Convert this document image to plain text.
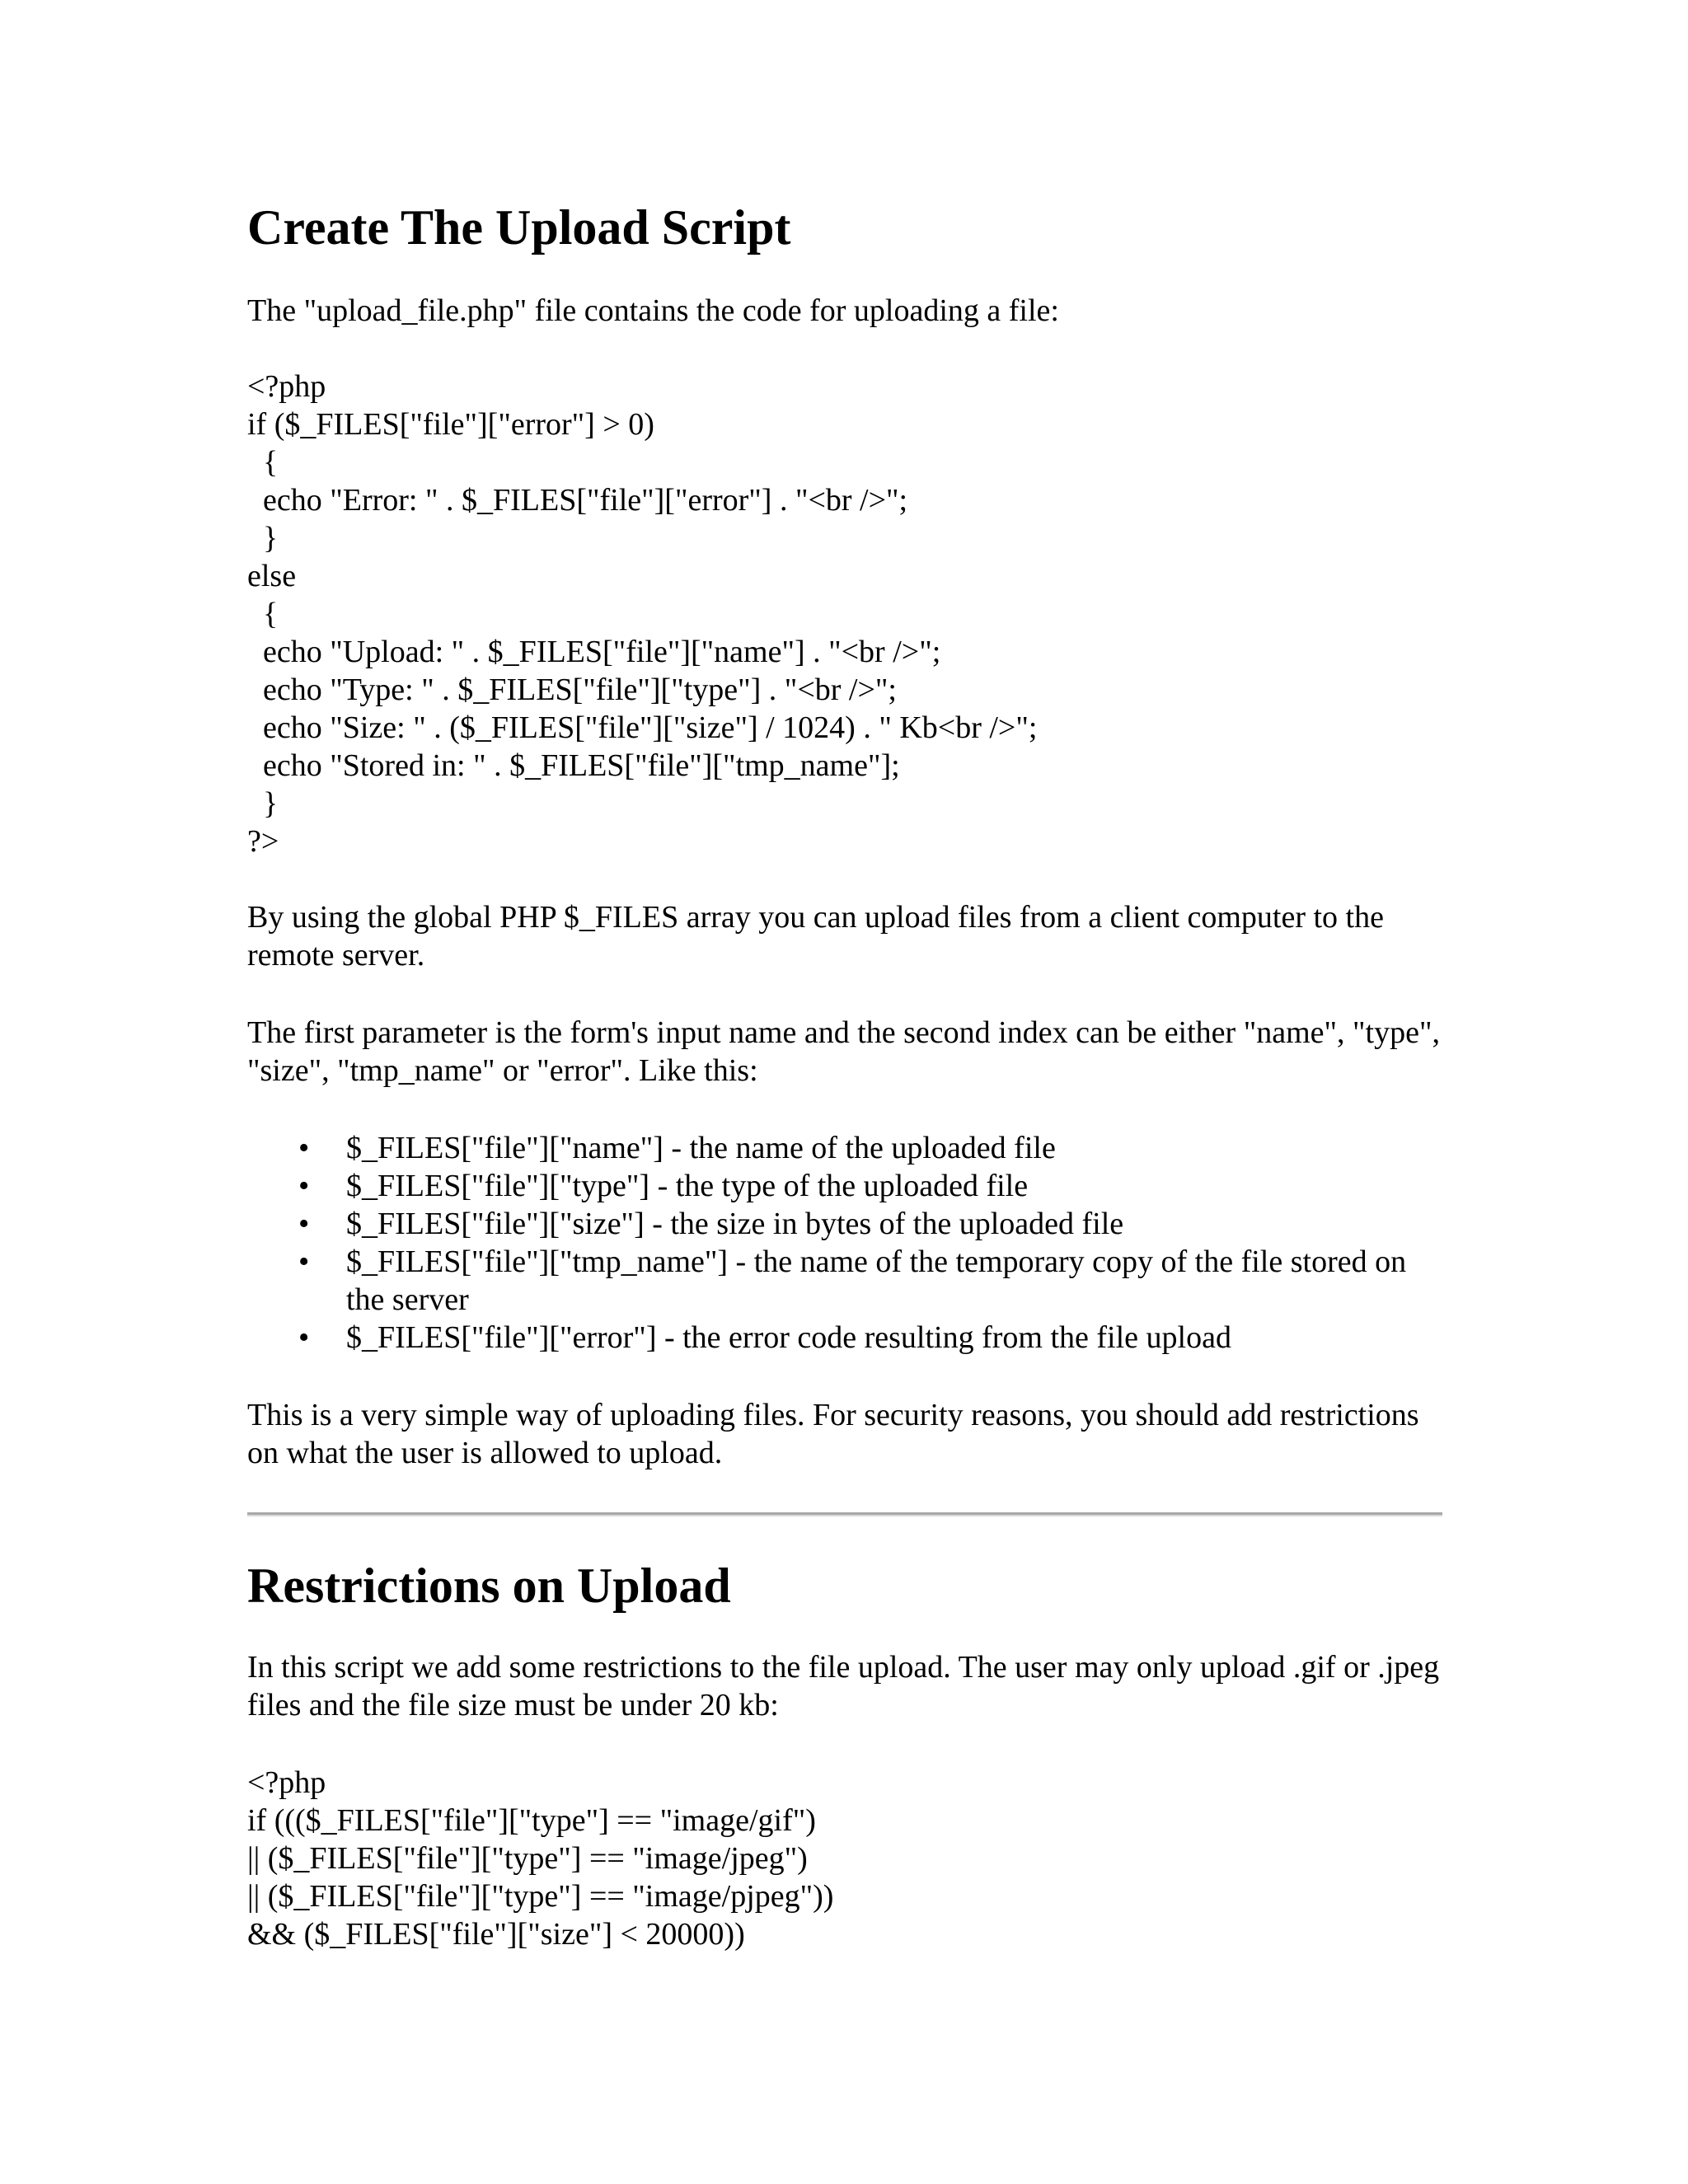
Create The Upload Script

The "upload_file.php" file contains the code for uploading a file:

<?php
if ($_FILES["file"]["error"] > 0)
{
echo "Error: " . $_FILES["file"]["error"] . "<br />";
}
else
{
echo "Upload: " . $_FILES["file"]["name"] . "<br />";
echo "Type: " . $_FILES["file"]["type"] . "<br />";
echo "Size: " . ($_FILES["file"]["size"] / 1024) . " Kb<br />";
echo "Stored in: " . $_FILES["file"]["tmp_name"];
}
?>

By using the global PHP $_FILES array you can upload files from a client computer to the remote server.

The first parameter is the form's input name and the second index can be either "name", "type", "size", "tmp_name" or "error". Like this:

• $_FILES["file"]["name"] - the name of the uploaded file
• $_FILES["file"]["type"] - the type of the uploaded file
• $_FILES["file"]["size"] - the size in bytes of the uploaded file
• $_FILES["file"]["tmp_name"] - the name of the temporary copy of the file stored on the server
• $_FILES["file"]["error"] - the error code resulting from the file upload

This is a very simple way of uploading files. For security reasons, you should add restrictions on what the user is allowed to upload.

Restrictions on Upload

In this script we add some restrictions to the file upload. The user may only upload .gif or .jpeg files and the file size must be under 20 kb:

<?php
if ((($_FILES["file"]["type"] == "image/gif")
|| ($_FILES["file"]["type"] == "image/jpeg")
|| ($_FILES["file"]["type"] == "image/pjpeg"))
&& ($_FILES["file"]["size"] < 20000))
